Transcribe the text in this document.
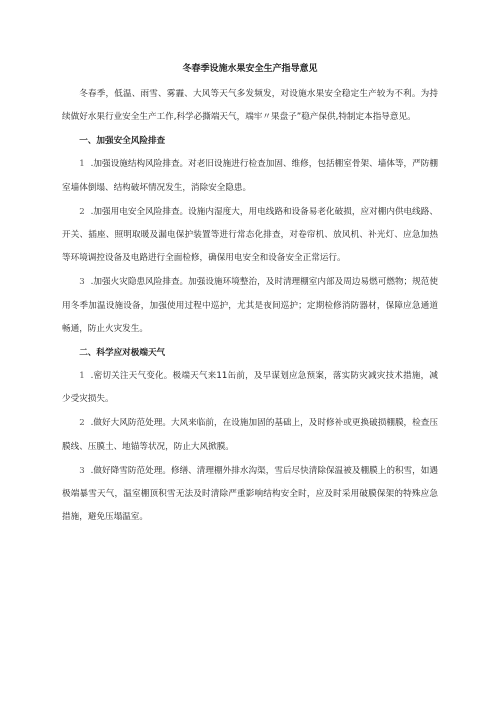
冬春季设施水果安全生产指导意见

冬春季，低温、雨雪、雾霾、大风等天气多发频发，对设施水果安全稳定生产较为不利。为持续做好水果行业安全生产工作,科学必撕端天气，端牢〃果盘子”稳产保供,特制定本指导意见。

一、加强安全风险排查

1 .加强设施结构风险排查。对老旧设施进行检查加固、维修，包括棚室骨架、墙体等，严防棚室墙体倒塌、结构破坏情况发生，消除安全隐患。

2 .加强用电安全风险排查。设施内湿度大，用电线路和设备易老化破损，应对棚内供电线路、开关、插座、照明取暖及漏电保护装置等进行常态化排查，对卷帘机、放风机、补光灯、应急加热等环境调控设备及电路进行全面检修，确保用电安全和设备安全正常运行。

3 .加强火灾隐患风险排查。加强设施环境整治，及时清理棚室内部及周边易燃可燃物；规范使用冬季加温设施设备，加强使用过程中巡护，尤其是夜间巡护；定期检修消防器材，保障应急通道畅通，防止火灾发生。

二、科学应对极端天气

1 .密切关注天气变化。极端天气来11缶前，及早谋划应急预案，落实防灾减灾技术措施，减少受灾损失。

2 .做好大风防范处理。大风来临前，在设施加固的基础上，及时修补或更换破损棚膜，检查压膜线、压膜土、地锚等状况，防止大风掀膜。

3 .做好降雪防范处理。修缮、清理棚外排水沟渠，雪后尽快清除保温被及棚膜上的积雪，如遇极端暴雪天气，温室棚顶积雪无法及时清除严重影响结构安全时，应及时采用破膜保架的特殊应急措施，避免压塌温室。
